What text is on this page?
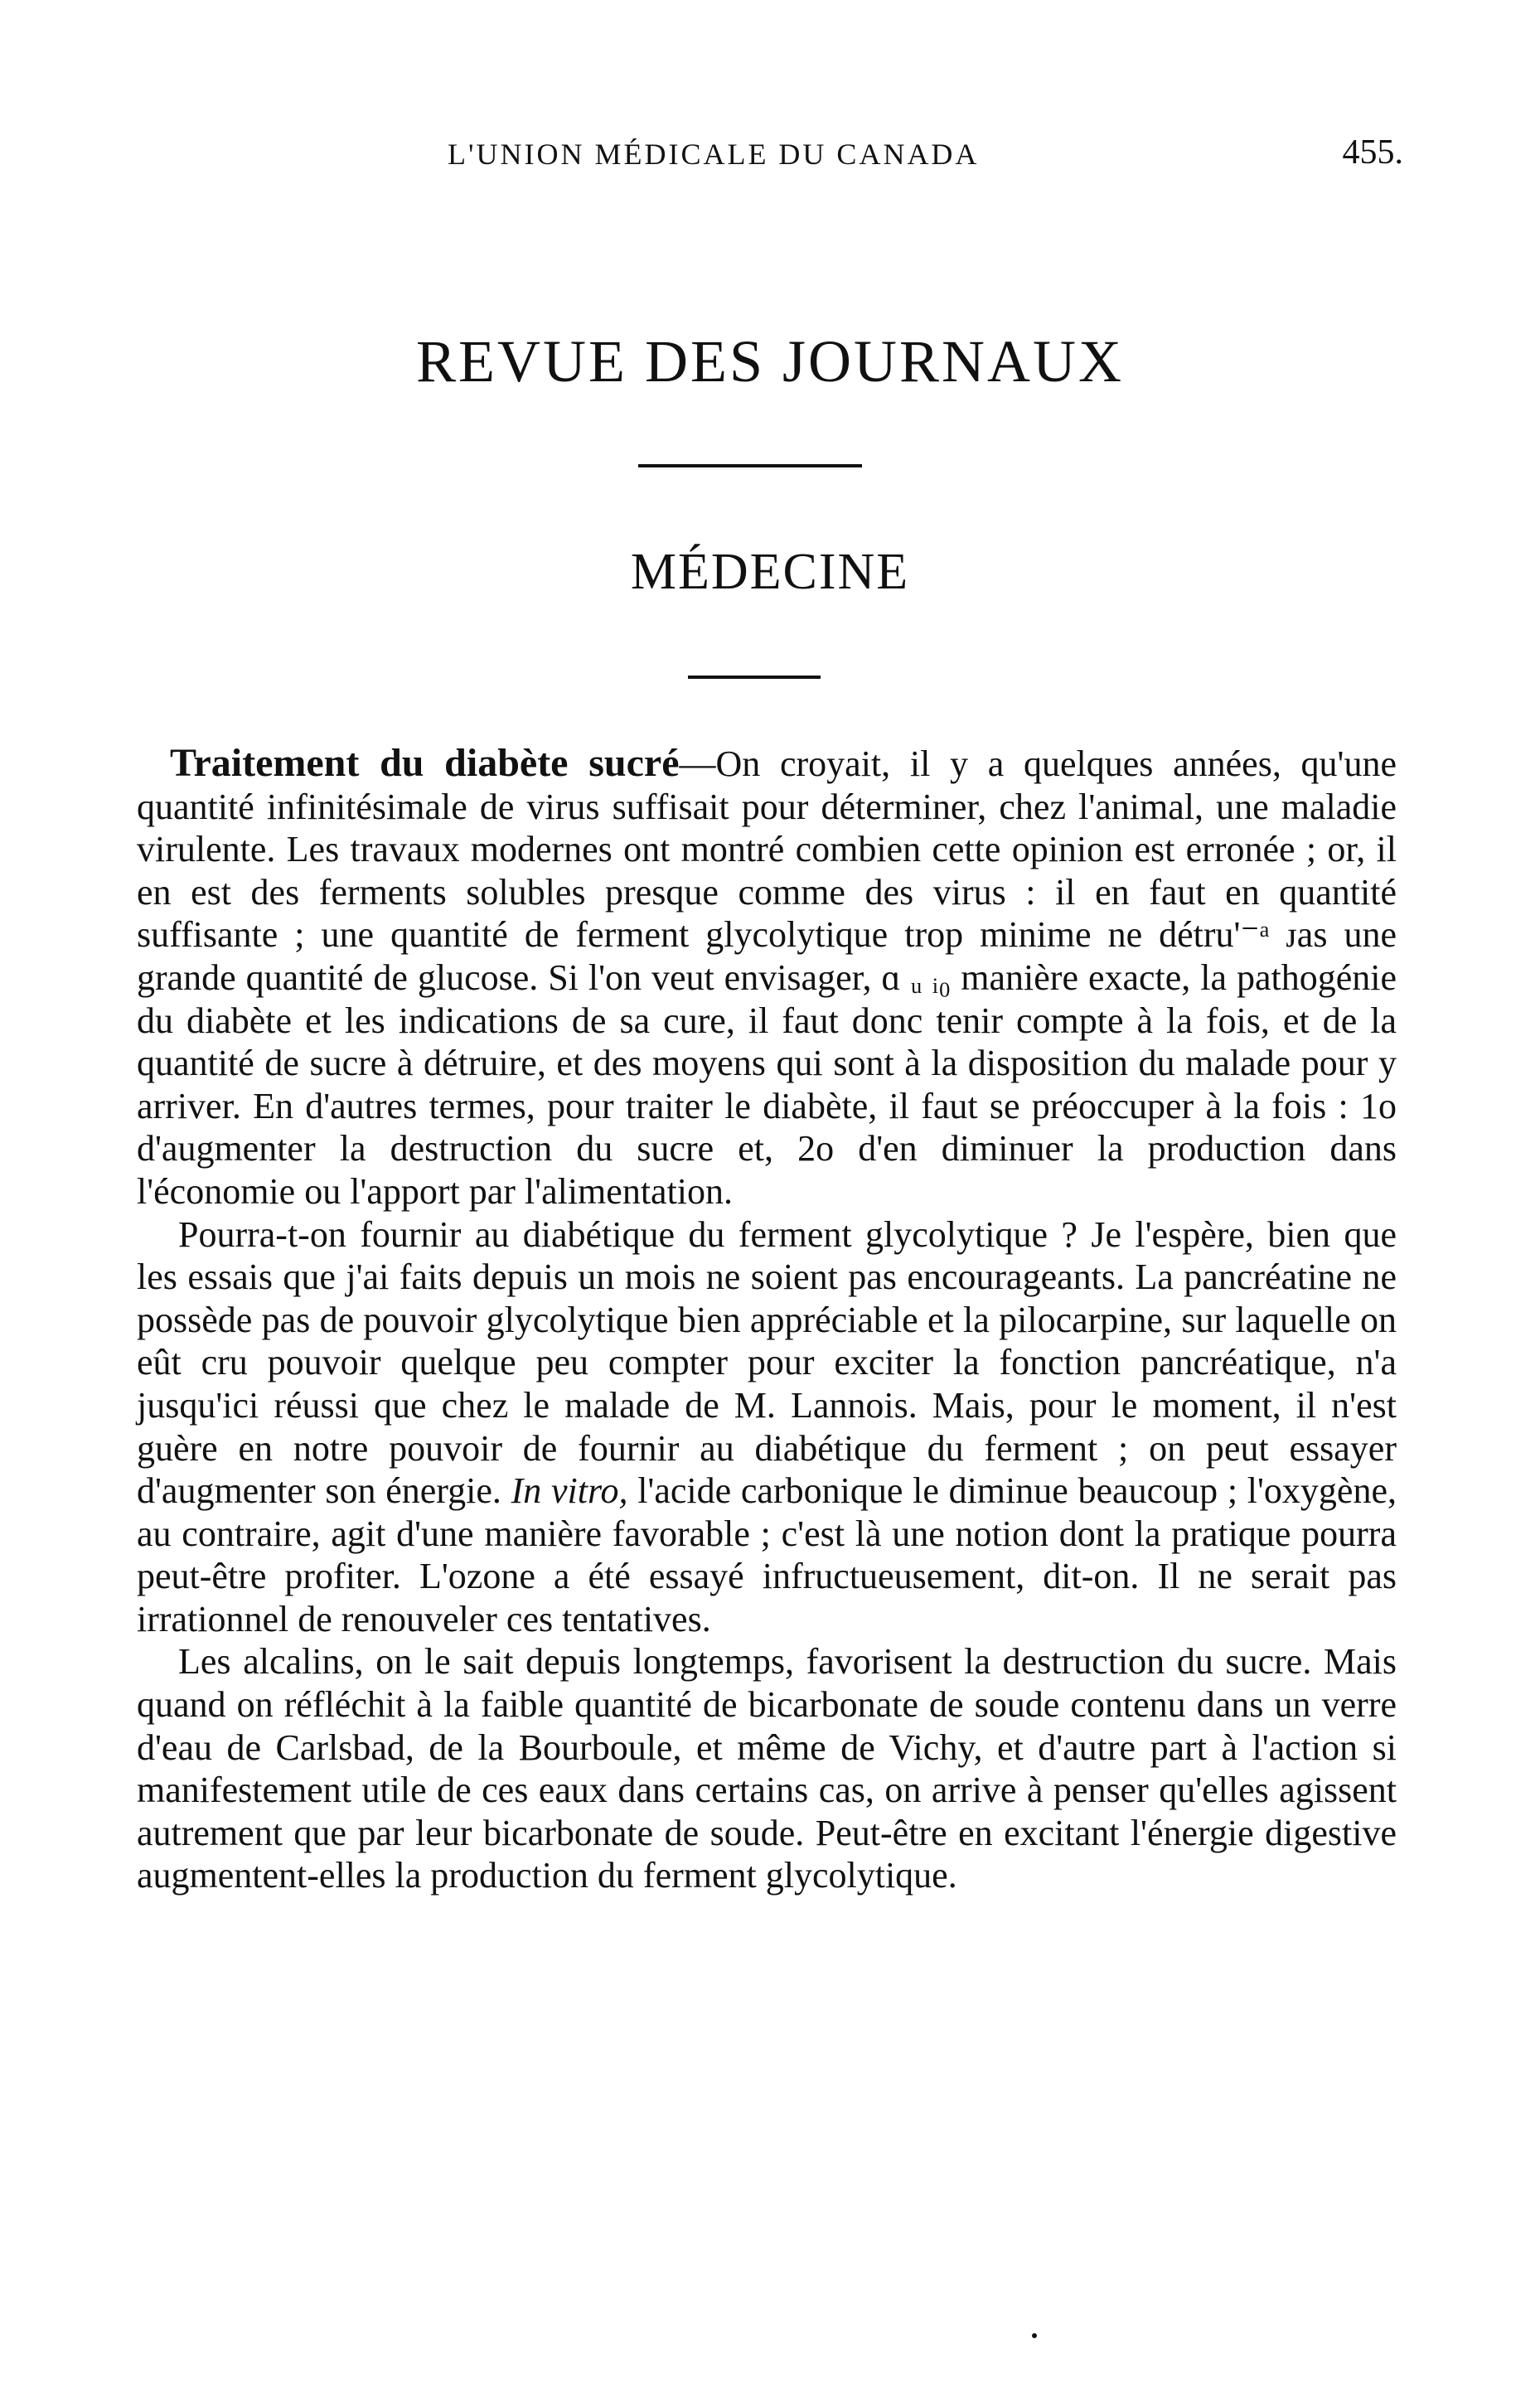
L'UNION MÉDICALE DU CANADA	455.
REVUE DES JOURNAUX
MÉDECINE

Traitement du diabète sucré—On croyait, il y a quelques années, qu'une quantité infinitésimale de virus suffisait pour déterminer, chez l'animal, une maladie virulente. Les travaux modernes ont montré combien cette opinion est erronée ; or, il en est des ferments solubles presque comme des virus : il en faut en quantité suffisante ; une quantité de ferment glycolytique trop minime ne détru'⁻ᵃ ᴊas une grande quantité de glucose. Si l'on veut envisager, ɑ ᵤ ᵢ₀ manière exacte, la pathogénie du diabète et les indications de sa cure, il faut donc tenir compte à la fois, et de la quantité de sucre à détruire, et des moyens qui sont à la disposition du malade pour y arriver. En d'autres termes, pour traiter le diabète, il faut se préoccuper à la fois : 1o d'augmenter la destruction du sucre et, 2o d'en diminuer la production dans l'économie ou l'apport par l'alimentation.

Pourra-t-on fournir au diabétique du ferment glycolytique ? Je l'espère, bien que les essais que j'ai faits depuis un mois ne soient pas encourageants. La pancréatine ne possède pas de pouvoir glycolytique bien appréciable et la pilocarpine, sur laquelle on eût cru pouvoir quelque peu compter pour exciter la fonction pancréatique, n'a jusqu'ici réussi que chez le malade de M. Lannois. Mais, pour le moment, il n'est guère en notre pouvoir de fournir au diabétique du ferment ; on peut essayer d'augmenter son énergie. In vitro, l'acide carbonique le diminue beaucoup ; l'oxygène, au contraire, agit d'une manière favorable ; c'est là une notion dont la pratique pourra peut-être profiter. L'ozone a été essayé infructueusement, dit-on. Il ne serait pas irrationnel de renouveler ces tentatives.

Les alcalins, on le sait depuis longtemps, favorisent la destruction du sucre. Mais quand on réfléchit à la faible quantité de bicarbonate de soude contenu dans un verre d'eau de Carlsbad, de la Bourboule, et même de Vichy, et d'autre part à l'action si manifestement utile de ces eaux dans certains cas, on arrive à penser qu'elles agissent autrement que par leur bicarbonate de soude. Peut-être en excitant l'énergie digestive augmentent-elles la production du ferment glycolytique.
